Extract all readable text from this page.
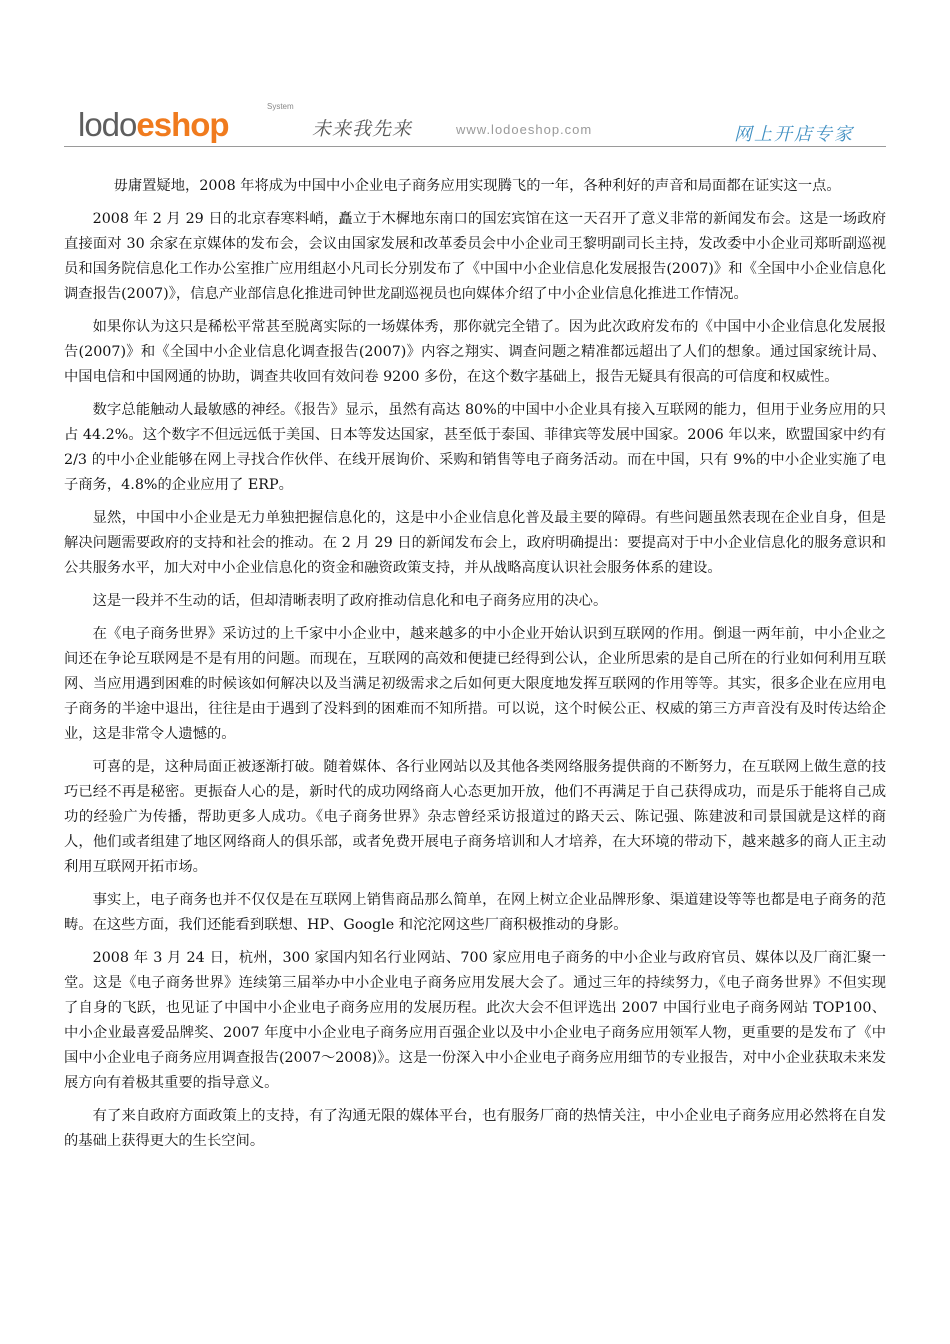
lodoeshop	System
未来我先来	www.lodoeshop.com	网上开店专家

毋庸置疑地，2008 年将成为中国中小企业电子商务应用实现腾飞的一年，各种利好的声音和局面都在证实这一点。

2008 年 2 月 29 日的北京春寒料峭，矗立于木樨地东南口的国宏宾馆在这一天召开了意义非常的新闻发布会。这是一场政府直接面对 30 余家在京媒体的发布会，会议由国家发展和改革委员会中小企业司王黎明副司长主持，发改委中小企业司郑昕副巡视员和国务院信息化工作办公室推广应用组赵小凡司长分别发布了《中国中小企业信息化发展报告(2007)》和《全国中小企业信息化调查报告(2007)》，信息产业部信息化推进司钟世龙副巡视员也向媒体介绍了中小企业信息化推进工作情况。

如果你认为这只是稀松平常甚至脱离实际的一场媒体秀，那你就完全错了。因为此次政府发布的《中国中小企业信息化发展报告(2007)》和《全国中小企业信息化调查报告(2007)》内容之翔实、调查问题之精准都远超出了人们的想象。通过国家统计局、中国电信和中国网通的协助，调查共收回有效问卷 9200 多份，在这个数字基础上，报告无疑具有很高的可信度和权威性。

数字总能触动人最敏感的神经。《报告》显示，虽然有高达 80%的中国中小企业具有接入互联网的能力，但用于业务应用的只占 44.2%。这个数字不但远远低于美国、日本等发达国家，甚至低于泰国、菲律宾等发展中国家。2006 年以来，欧盟国家中约有 2/3 的中小企业能够在网上寻找合作伙伴、在线开展询价、采购和销售等电子商务活动。而在中国，只有 9%的中小企业实施了电子商务，4.8%的企业应用了 ERP。

显然，中国中小企业是无力单独把握信息化的，这是中小企业信息化普及最主要的障碍。有些问题虽然表现在企业自身，但是解决问题需要政府的支持和社会的推动。在 2 月 29 日的新闻发布会上，政府明确提出：要提高对于中小企业信息化的服务意识和公共服务水平，加大对中小企业信息化的资金和融资政策支持，并从战略高度认识社会服务体系的建设。

这是一段并不生动的话，但却清晰表明了政府推动信息化和电子商务应用的决心。

在《电子商务世界》采访过的上千家中小企业中，越来越多的中小企业开始认识到互联网的作用。倒退一两年前，中小企业之间还在争论互联网是不是有用的问题。而现在，互联网的高效和便捷已经得到公认，企业所思索的是自己所在的行业如何利用互联网、当应用遇到困难的时候该如何解决以及当满足初级需求之后如何更大限度地发挥互联网的作用等等。其实，很多企业在应用电子商务的半途中退出，往往是由于遇到了没料到的困难而不知所措。可以说，这个时候公正、权威的第三方声音没有及时传达给企业，这是非常令人遗憾的。

可喜的是，这种局面正被逐渐打破。随着媒体、各行业网站以及其他各类网络服务提供商的不断努力，在互联网上做生意的技巧已经不再是秘密。更振奋人心的是，新时代的成功网络商人心态更加开放，他们不再满足于自己获得成功，而是乐于能将自己成功的经验广为传播，帮助更多人成功。《电子商务世界》杂志曾经采访报道过的路天云、陈记强、陈建波和司景国就是这样的商人，他们或者组建了地区网络商人的俱乐部，或者免费开展电子商务培训和人才培养，在大环境的带动下，越来越多的商人正主动利用互联网开拓市场。

事实上，电子商务也并不仅仅是在互联网上销售商品那么简单，在网上树立企业品牌形象、渠道建设等等也都是电子商务的范畴。在这些方面，我们还能看到联想、HP、Google 和沱沱网这些厂商积极推动的身影。

2008 年 3 月 24 日，杭州，300 家国内知名行业网站、700 家应用电子商务的中小企业与政府官员、媒体以及厂商汇聚一堂。这是《电子商务世界》连续第三届举办中小企业电子商务应用发展大会了。通过三年的持续努力，《电子商务世界》不但实现了自身的飞跃，也见证了中国中小企业电子商务应用的发展历程。此次大会不但评选出 2007 中国行业电子商务网站 TOP100、中小企业最喜爱品牌奖、2007 年度中小企业电子商务应用百强企业以及中小企业电子商务应用领军人物，更重要的是发布了《中国中小企业电子商务应用调查报告(2007～2008)》。这是一份深入中小企业电子商务应用细节的专业报告，对中小企业获取未来发展方向有着极其重要的指导意义。

有了来自政府方面政策上的支持，有了沟通无限的媒体平台，也有服务厂商的热情关注，中小企业电子商务应用必然将在自发的基础上获得更大的生长空间。
